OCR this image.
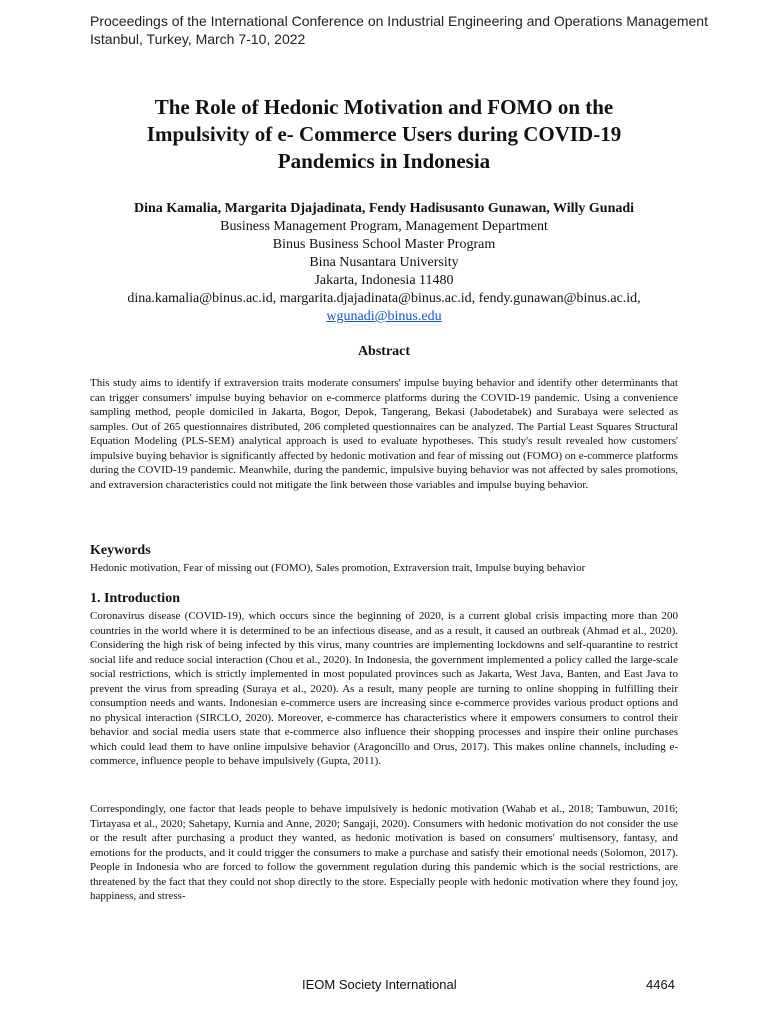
Proceedings of the International Conference on Industrial Engineering and Operations Management
Istanbul, Turkey, March 7-10, 2022
The Role of Hedonic Motivation and FOMO on the
Impulsivity of e- Commerce Users during COVID-19
Pandemics in Indonesia
Dina Kamalia, Margarita Djajadinata, Fendy Hadisusanto Gunawan, Willy Gunadi
Business Management Program, Management Department
Binus Business School Master Program
Bina Nusantara University
Jakarta, Indonesia 11480
dina.kamalia@binus.ac.id, margarita.djajadinata@binus.ac.id, fendy.gunawan@binus.ac.id,
wgunadi@binus.edu
Abstract
This study aims to identify if extraversion traits moderate consumers' impulse buying behavior and identify other determinants that can trigger consumers' impulse buying behavior on e-commerce platforms during the COVID-19 pandemic. Using a convenience sampling method, people domiciled in Jakarta, Bogor, Depok, Tangerang, Bekasi (Jabodetabek) and Surabaya were selected as samples. Out of 265 questionnaires distributed, 206 completed questionnaires can be analyzed. The Partial Least Squares Structural Equation Modeling (PLS-SEM) analytical approach is used to evaluate hypotheses. This study's result revealed how customers' impulsive buying behavior is significantly affected by hedonic motivation and fear of missing out (FOMO) on e-commerce platforms during the COVID-19 pandemic. Meanwhile, during the pandemic, impulsive buying behavior was not affected by sales promotions, and extraversion characteristics could not mitigate the link between those variables and impulse buying behavior.
Keywords
Hedonic motivation, Fear of missing out (FOMO), Sales promotion, Extraversion trait, Impulse buying behavior
1. Introduction
Coronavirus disease (COVID-19), which occurs since the beginning of 2020, is a current global crisis impacting more than 200 countries in the world where it is determined to be an infectious disease, and as a result, it caused an outbreak (Ahmad et al., 2020). Considering the high risk of being infected by this virus, many countries are implementing lockdowns and self-quarantine to restrict social life and reduce social interaction (Chou et al., 2020). In Indonesia, the government implemented a policy called the large-scale social restrictions, which is strictly implemented in most populated provinces such as Jakarta, West Java, Banten, and East Java to prevent the virus from spreading (Suraya et al., 2020). As a result, many people are turning to online shopping in fulfilling their consumption needs and wants. Indonesian e-commerce users are increasing since e-commerce provides various product options and no physical interaction (SIRCLO, 2020). Moreover, e-commerce has characteristics where it empowers consumers to control their behavior and social media users state that e-commerce also influence their shopping processes and inspire their online purchases which could lead them to have online impulsive behavior (Aragoncillo and Orus, 2017). This makes online channels, including e-commerce, influence people to behave impulsively (Gupta, 2011).
Correspondingly, one factor that leads people to behave impulsively is hedonic motivation (Wahab et al., 2018; Tambuwun, 2016; Tirtayasa et al., 2020; Sahetapy, Kurnia and Anne, 2020; Sangaji, 2020). Consumers with hedonic motivation do not consider the use or the result after purchasing a product they wanted, as hedonic motivation is based on consumers' multisensory, fantasy, and emotions for the products, and it could trigger the consumers to make a purchase and satisfy their emotional needs (Solomon, 2017). People in Indonesia who are forced to follow the government regulation during this pandemic which is the social restrictions, are threatened by the fact that they could not shop directly to the store. Especially people with hedonic motivation where they found joy, happiness, and stress-
IEOM Society International	4464
